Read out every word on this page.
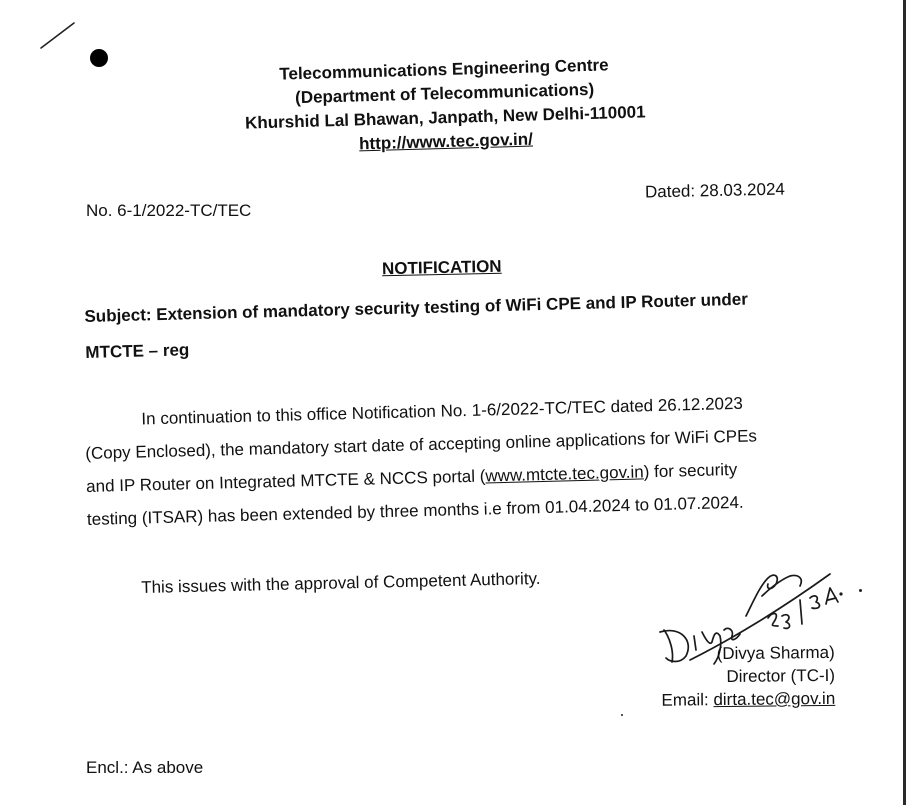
Telecommunications Engineering Centre
(Department of Telecommunications)
Khurshid Lal Bhawan, Janpath, New Delhi-110001
http://www.tec.gov.in/
No. 6-1/2022-TC/TEC
Dated: 28.03.2024
NOTIFICATION
Subject: Extension of mandatory security testing of WiFi CPE and IP Router under
MTCTE – reg
In continuation to this office Notification No. 1-6/2022-TC/TEC dated 26.12.2023
(Copy Enclosed), the mandatory start date of accepting online applications for WiFi CPEs
and IP Router on Integrated MTCTE & NCCS portal (www.mtcte.tec.gov.in) for security
testing (ITSAR) has been extended by three months i.e from 01.04.2024 to 01.07.2024.
This issues with the approval of Competent Authority.
(Divya Sharma)
Director (TC-I)
Email: dirta.tec@gov.in
Encl.: As above
